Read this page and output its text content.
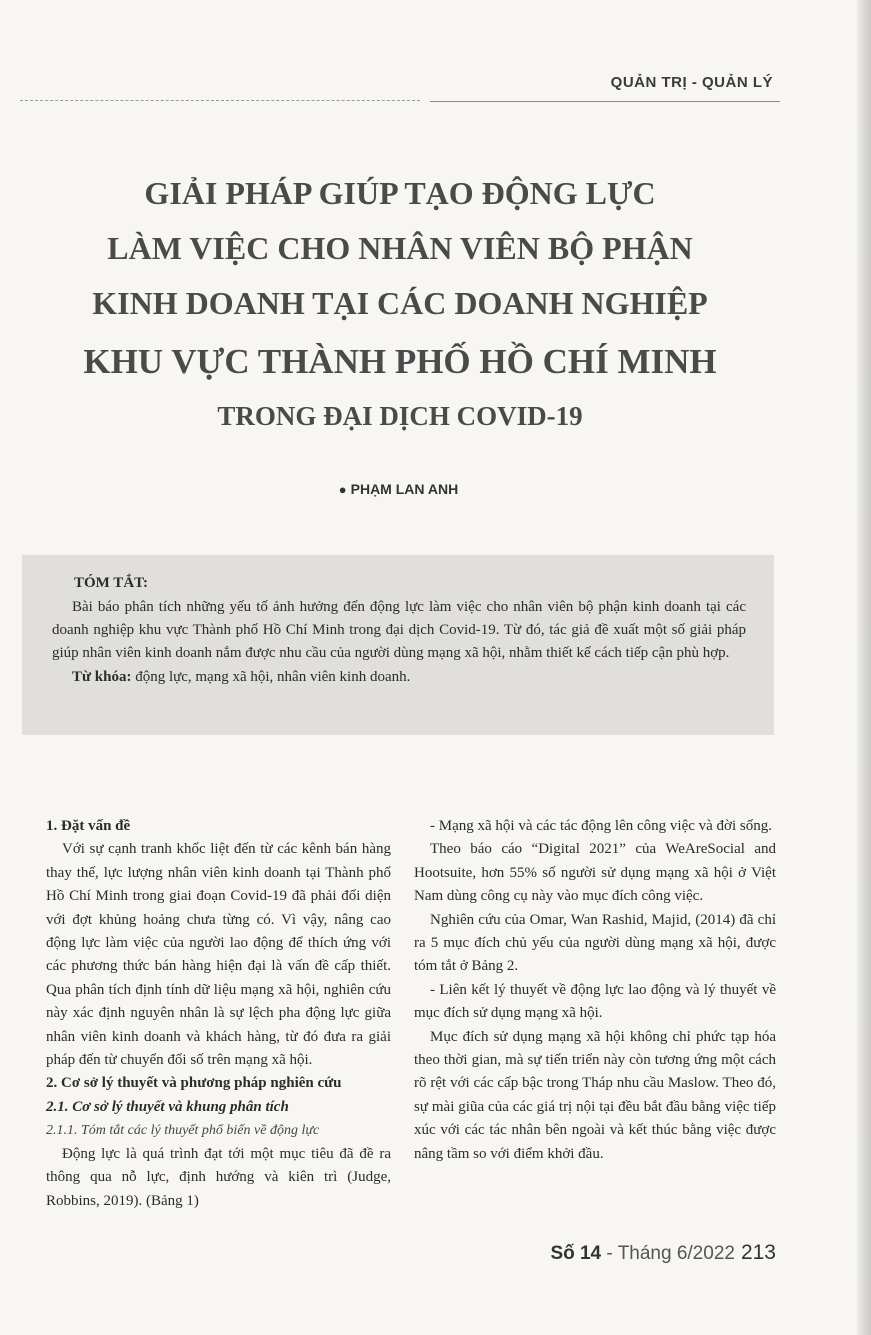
QUẢN TRỊ - QUẢN LÝ
GIẢI PHÁP GIÚP TẠO ĐỘNG LỰC
LÀM VIỆC CHO NHÂN VIÊN BỘ PHẬN
KINH DOANH TẠI CÁC DOANH NGHIỆP
KHU VỰC THÀNH PHỐ HỒ CHÍ MINH
TRONG ĐẠI DỊCH COVID-19
● PHẠM LAN ANH
TÓM TẮT:

Bài báo phân tích những yếu tố ảnh hưởng đến động lực làm việc cho nhân viên bộ phận kinh doanh tại các doanh nghiệp khu vực Thành phố Hồ Chí Minh trong đại dịch Covid-19. Từ đó, tác giả đề xuất một số giải pháp giúp nhân viên kinh doanh nắm được nhu cầu của người dùng mạng xã hội, nhằm thiết kế cách tiếp cận phù hợp.

Từ khóa: động lực, mạng xã hội, nhân viên kinh doanh.

1. Đặt vấn đề

Với sự cạnh tranh khốc liệt đến từ các kênh bán hàng thay thế, lực lượng nhân viên kinh doanh tại Thành phố Hồ Chí Minh trong giai đoạn Covid-19 đã phải đối diện với đợt khủng hoảng chưa từng có. Vì vậy, nâng cao động lực làm việc của người lao động để thích ứng với các phương thức bán hàng hiện đại là vấn đề cấp thiết. Qua phân tích định tính dữ liệu mạng xã hội, nghiên cứu này xác định nguyên nhân là sự lệch pha động lực giữa nhân viên kinh doanh và khách hàng, từ đó đưa ra giải pháp đến từ chuyển đổi số trên mạng xã hội.

2. Cơ sở lý thuyết và phương pháp nghiên cứu

2.1. Cơ sở lý thuyết và khung phân tích

2.1.1. Tóm tắt các lý thuyết phổ biến về động lực

Động lực là quá trình đạt tới một mục tiêu đã đề ra thông qua nỗ lực, định hướng và kiên trì (Judge, Robbins, 2019). (Bảng 1)

- Mạng xã hội và các tác động lên công việc và đời sống.

Theo báo cáo “Digital 2021” của WeAreSocial and Hootsuite, hơn 55% số người sử dụng mạng xã hội ở Việt Nam dùng công cụ này vào mục đích công việc.

Nghiên cứu của Omar, Wan Rashid, Majid, (2014) đã chỉ ra 5 mục đích chủ yếu của người dùng mạng xã hội, được tóm tắt ở Bảng 2.

- Liên kết lý thuyết về động lực lao động và lý thuyết về mục đích sử dụng mạng xã hội.

Mục đích sử dụng mạng xã hội không chỉ phức tạp hóa theo thời gian, mà sự tiến triển này còn tương ứng một cách rõ rệt với các cấp bậc trong Tháp nhu cầu Maslow. Theo đó, sự mài giũa của các giá trị nội tại đều bắt đầu bằng việc tiếp xúc với các tác nhân bên ngoài và kết thúc bằng việc được nâng tầm so với điểm khởi đầu.

Số 14 - Tháng 6/2022 213
